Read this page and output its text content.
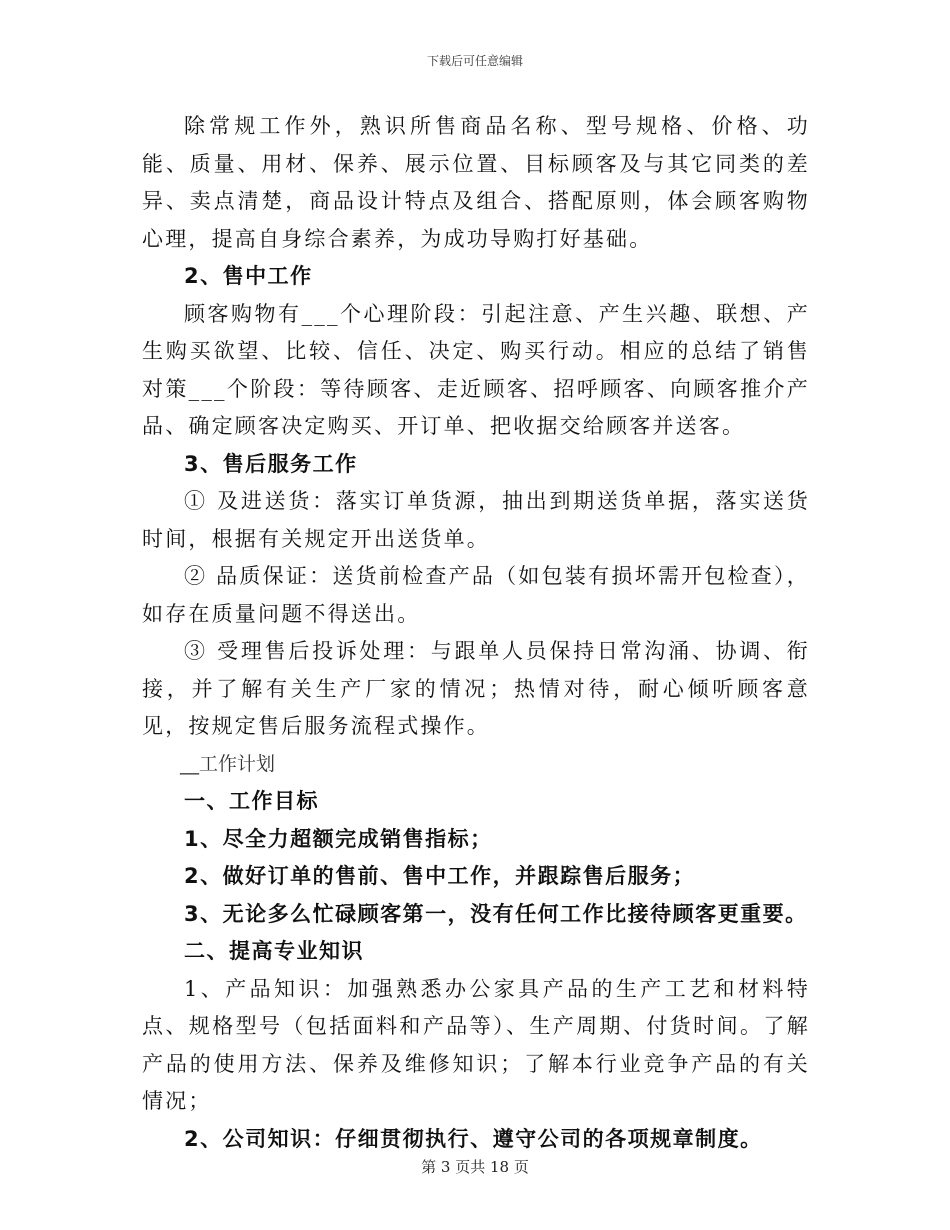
下载后可任意编辑

除常规工作外，熟识所售商品名称、型号规格、价格、功能、质量、用材、保养、展示位置、目标顾客及与其它同类的差异、卖点清楚，商品设计特点及组合、搭配原则，体会顾客购物心理，提高自身综合素养，为成功导购打好基础。

2、售中工作

顾客购物有___个心理阶段：引起注意、产生兴趣、联想、产生购买欲望、比较、信任、决定、购买行动。相应的总结了销售对策___个阶段：等待顾客、走近顾客、招呼顾客、向顾客推介产品、确定顾客决定购买、开订单、把收据交给顾客并送客。

3、售后服务工作

① 及进送货：落实订单货源，抽出到期送货单据，落实送货时间，根据有关规定开出送货单。

② 品质保证：送货前检查产品（如包装有损坏需开包检查），如存在质量问题不得送出。

③ 受理售后投诉处理：与跟单人员保持日常沟涌、协调、衔接，并了解有关生产厂家的情况；热情对待，耐心倾听顾客意见，按规定售后服务流程式操作。

__工作计划

一、工作目标

1、尽全力超额完成销售指标；

2、做好订单的售前、售中工作，并跟踪售后服务；

3、无论多么忙碌顾客第一，没有任何工作比接待顾客更重要。

二、提高专业知识

1、产品知识：加强熟悉办公家具产品的生产工艺和材料特点、规格型号（包括面料和产品等）、生产周期、付货时间。了解产品的使用方法、保养及维修知识；了解本行业竞争产品的有关情况；

2、公司知识：仔细贯彻执行、遵守公司的各项规章制度。

第 3 页共 18 页
